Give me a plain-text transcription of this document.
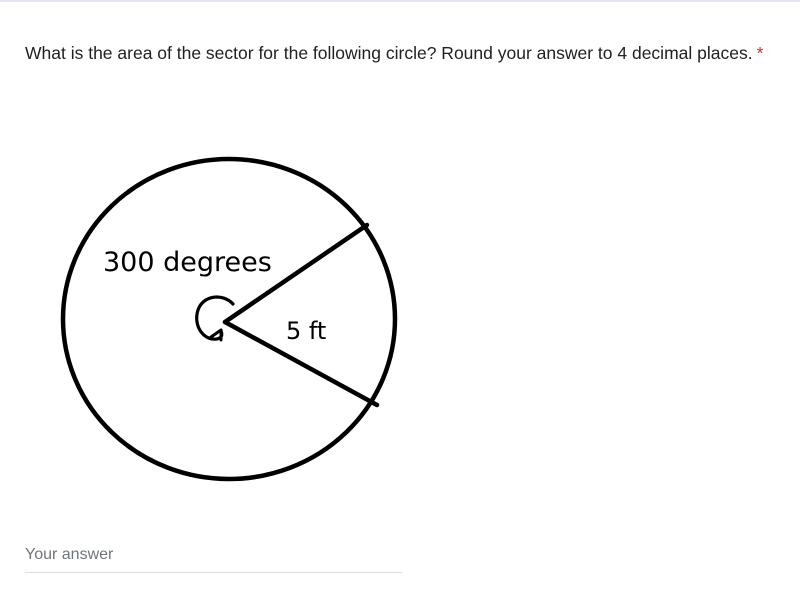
What is the area of the sector for the following circle? Round your answer to 4 decimal places. *

300 degrees
5 ft
Your answer
